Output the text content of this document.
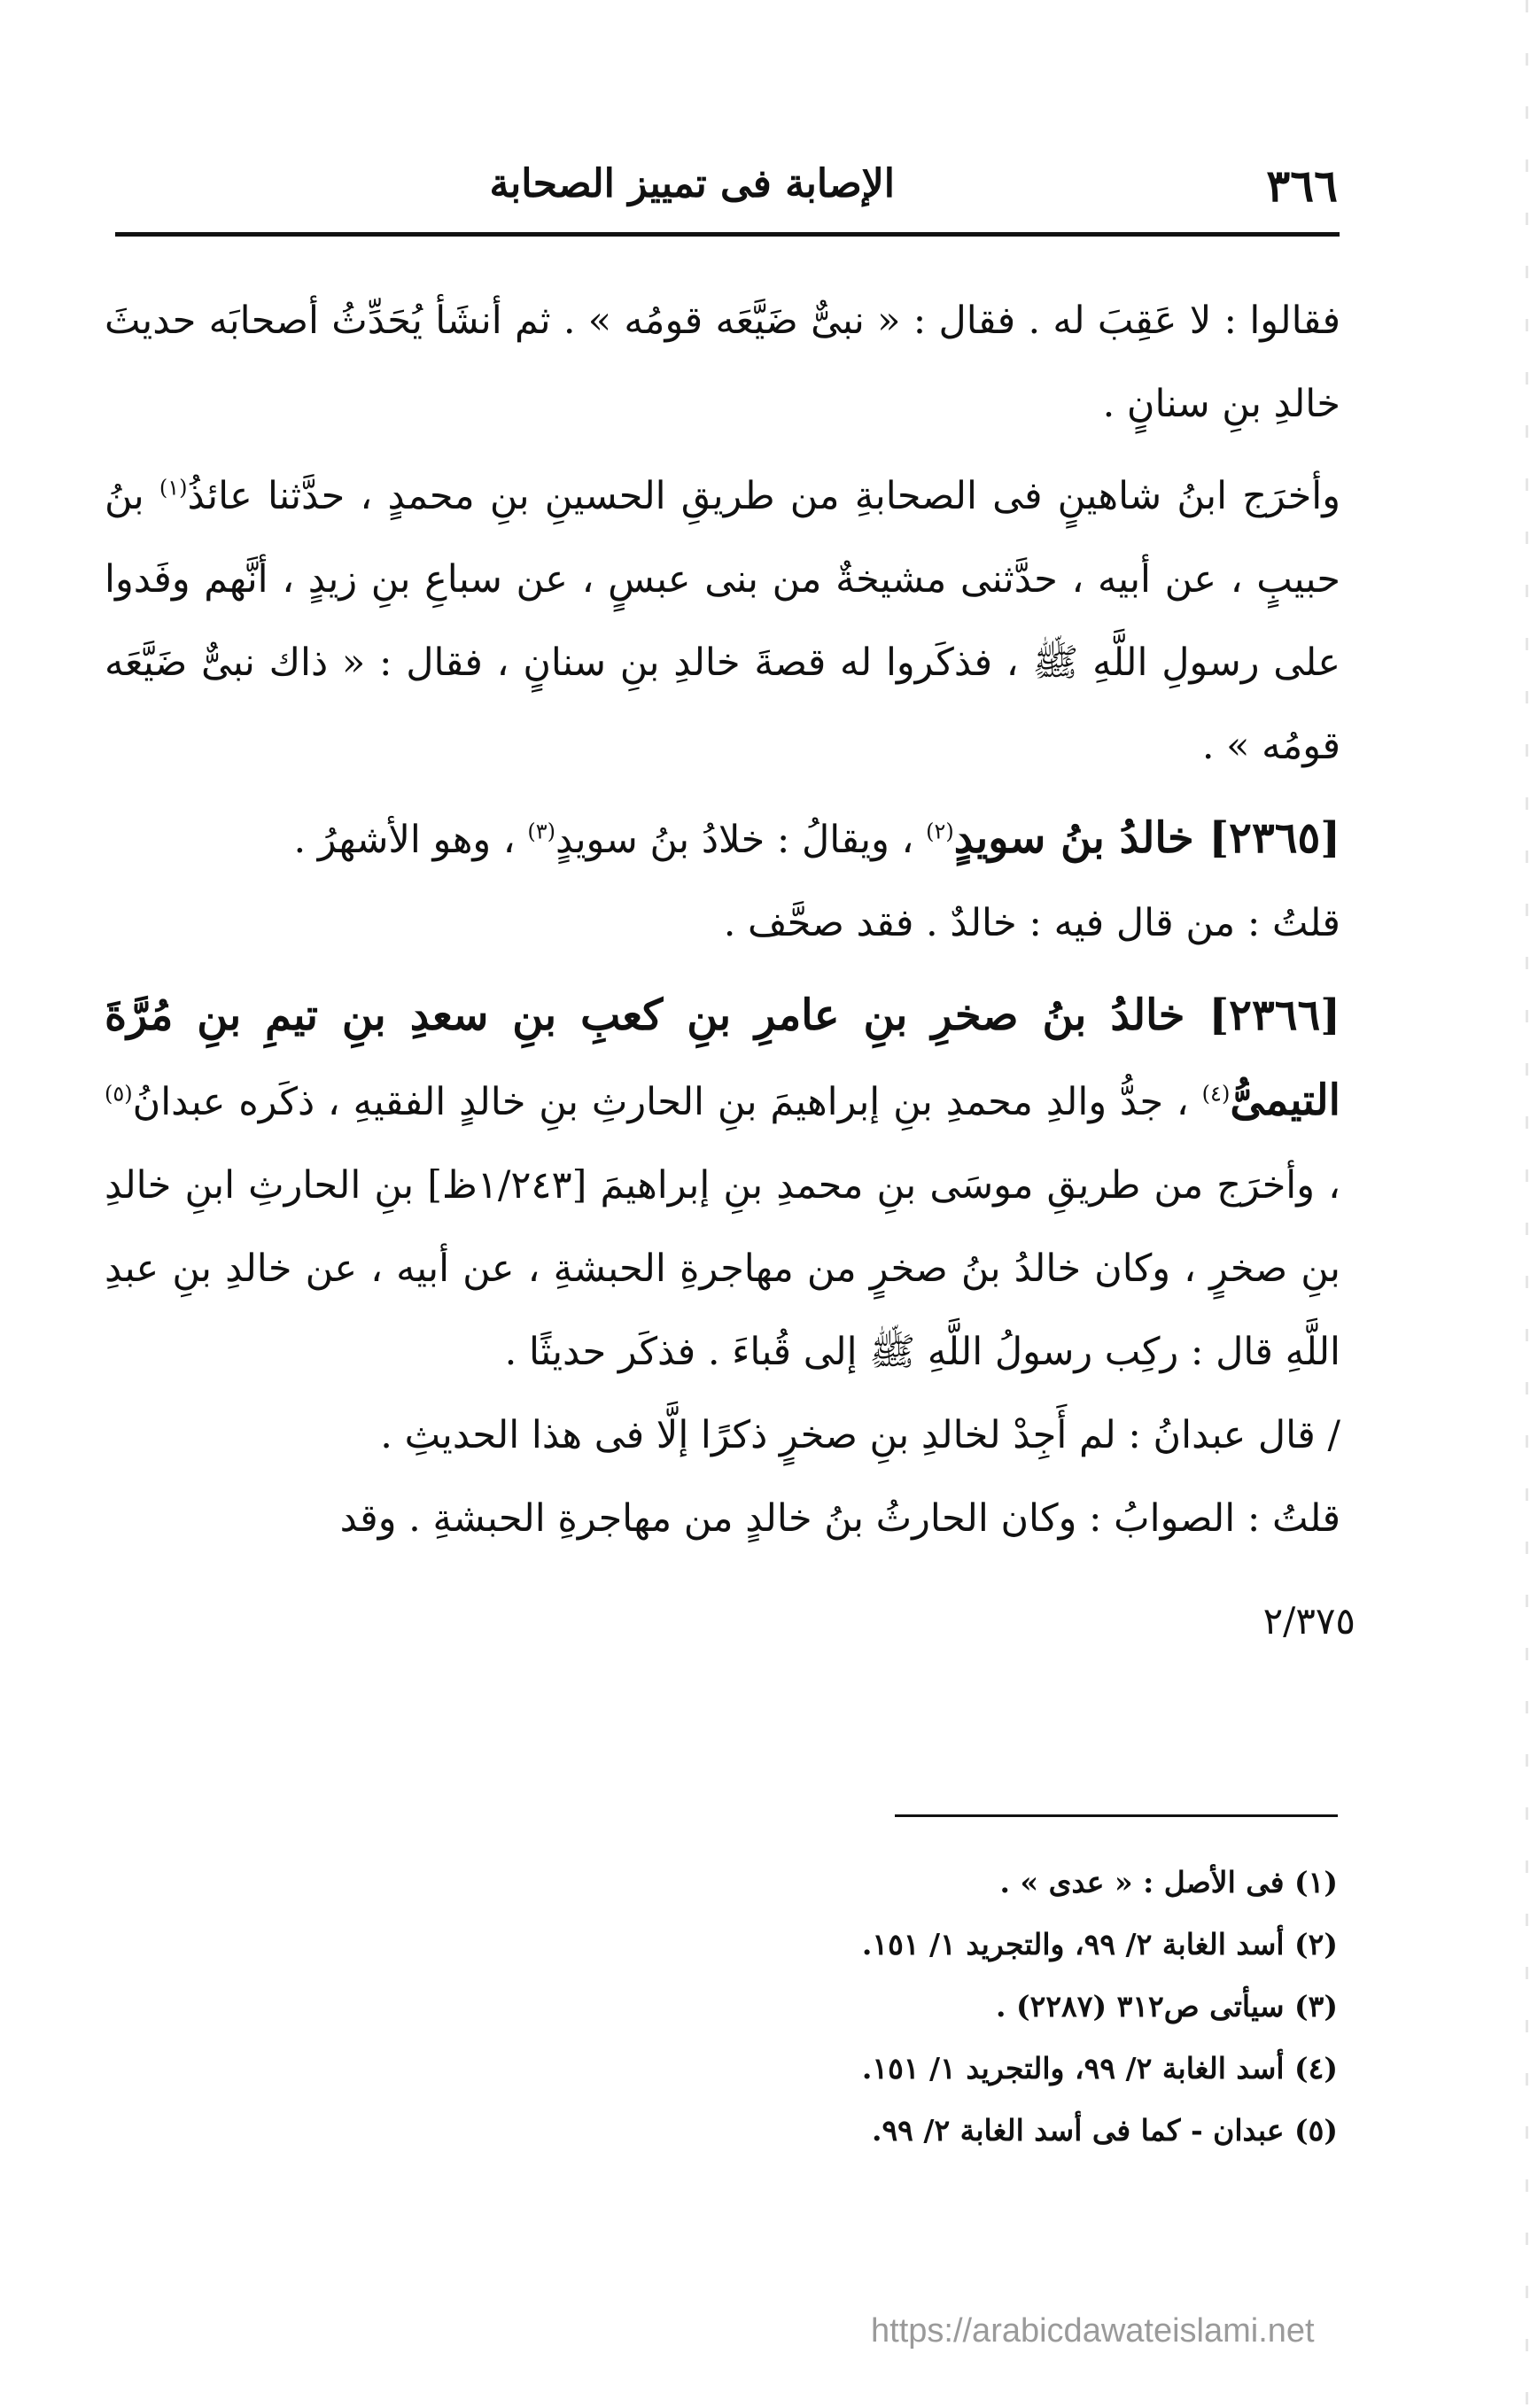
٣٦٦
الإصابة فى تمييز الصحابة

فقالوا : لا عَقِبَ له . فقال : « نبىٌّ ضَيَّعَه قومُه » . ثم أنشَأ يُحَدِّثُ أصحابَه حديثَ خالدِ بنِ سنانٍ .

وأخرَج ابنُ شاهينٍ فى الصحابةِ من طريقِ الحسينِ بنِ محمدٍ ، حدَّثنا عائذُ$^{(١)}$ بنُ حبيبٍ ، عن أبيه ، حدَّثنى مشيخةٌ من بنى عبسٍ ، عن سباعِ بنِ زيدٍ ، أنَّهم وفَدوا على رسولِ اللَّهِ ﷺ ، فذكَروا له قصةَ خالدِ بنِ سنانٍ ، فقال : « ذاك نبىٌّ ضَيَّعَه قومُه » .

[٢٣٦٥] خالدُ بنُ سويدٍ$^{(٢)}$ ، ويقالُ : خلادُ بنُ سويدٍ$^{(٣)}$ ، وهو الأشهرُ .

قلتُ : من قال فيه : خالدٌ . فقد صحَّف .

[٢٣٦٦] خالدُ بنُ صخرِ بنِ عامرِ بنِ كعبِ بنِ سعدِ بنِ تيمِ بنِ مُرَّةَ التيمىُّ$^{(٤)}$ ، جدُّ والدِ محمدِ بنِ إبراهيمَ بنِ الحارثِ بنِ خالدٍ الفقيهِ ، ذكَره عبدانُ$^{(٥)}$ ، وأخرَج من طريقِ موسَى بنِ محمدِ بنِ إبراهيمَ [١/٢٤٣ظ] بنِ الحارثِ ابنِ خالدِ بنِ صخرٍ ، وكان خالدُ بنُ صخرٍ من مهاجرةِ الحبشةِ ، عن أبيه ، عن خالدِ بنِ عبدِ اللَّهِ قال : ركِب رسولُ اللَّهِ ﷺ إلى قُباءَ . فذكَر حديثًا .

/ قال عبدانُ : لم أَجِدْ لخالدِ بنِ صخرٍ ذكرًا إلَّا فى هذا الحديثِ .

قلتُ : الصوابُ : وكان الحارثُ بنُ خالدٍ من مهاجرةِ الحبشةِ . وقد

٢/٣٧٥

(١) فى الأصل : « عدى » .

(٢) أسد الغابة ٢/ ٩٩، والتجريد ١/ ١٥١.

(٣) سيأتى ص٣١٢ (٢٢٨٧) .

(٤) أسد الغابة ٢/ ٩٩، والتجريد ١/ ١٥١.

(٥) عبدان - كما فى أسد الغابة ٢/ ٩٩.

https://arabicdawateislami.net
